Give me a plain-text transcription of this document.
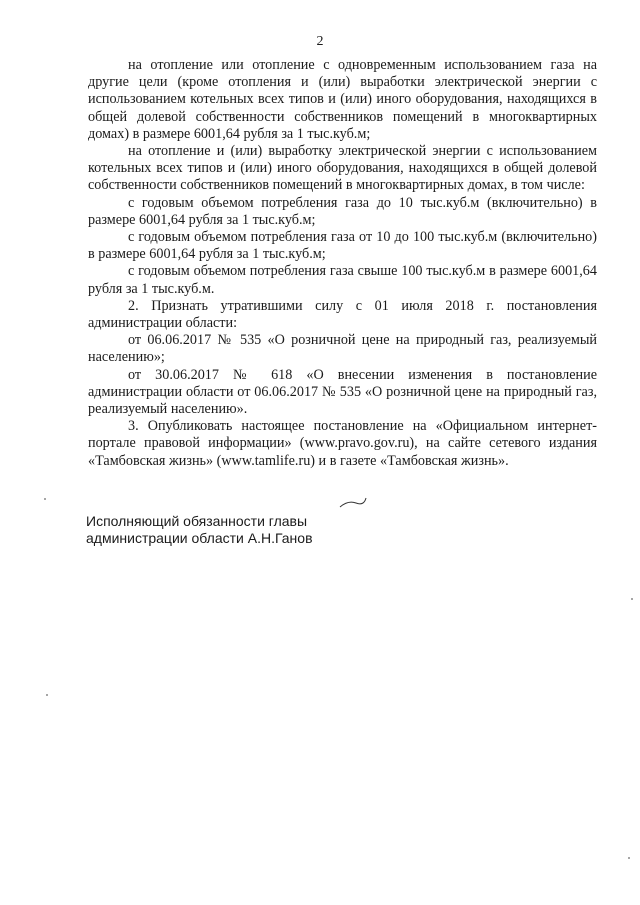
2

на отопление или отопление с одновременным использованием газа на другие цели (кроме отопления и (или) выработки электрической энергии с использованием котельных всех типов и (или) иного оборудования, находящихся в общей долевой собственности собственников помещений в многоквартирных домах) в размере 6001,64 рубля за 1 тыс.куб.м;

на отопление и (или) выработку электрической энергии с использованием котельных всех типов и (или) иного оборудования, находящихся в общей долевой собственности собственников помещений в многоквартирных домах, в том числе:

с годовым объемом потребления газа до 10 тыс.куб.м (включительно) в размере 6001,64 рубля за 1 тыс.куб.м;

с годовым объемом потребления газа от 10 до 100 тыс.куб.м (включительно) в размере 6001,64 рубля за 1 тыс.куб.м;

с годовым объемом потребления газа свыше 100 тыс.куб.м в размере 6001,64 рубля за 1 тыс.куб.м.

2. Признать утратившими силу с 01 июля 2018 г. постановления администрации области:

от 06.06.2017 № 535 «О розничной цене на природный газ, реализуемый населению»;

от 30.06.2017 № 618 «О внесении изменения в постановление администрации области от 06.06.2017 № 535 «О розничной цене на природный газ, реализуемый населению».

3. Опубликовать настоящее постановление на «Официальном интернет-портале правовой информации» (www.pravo.gov.ru), на сайте сетевого издания «Тамбовская жизнь» (www.tamlife.ru) и в газете «Тамбовская жизнь».

Исполняющий обязанности главы
администрации области А.Н.Ганов
